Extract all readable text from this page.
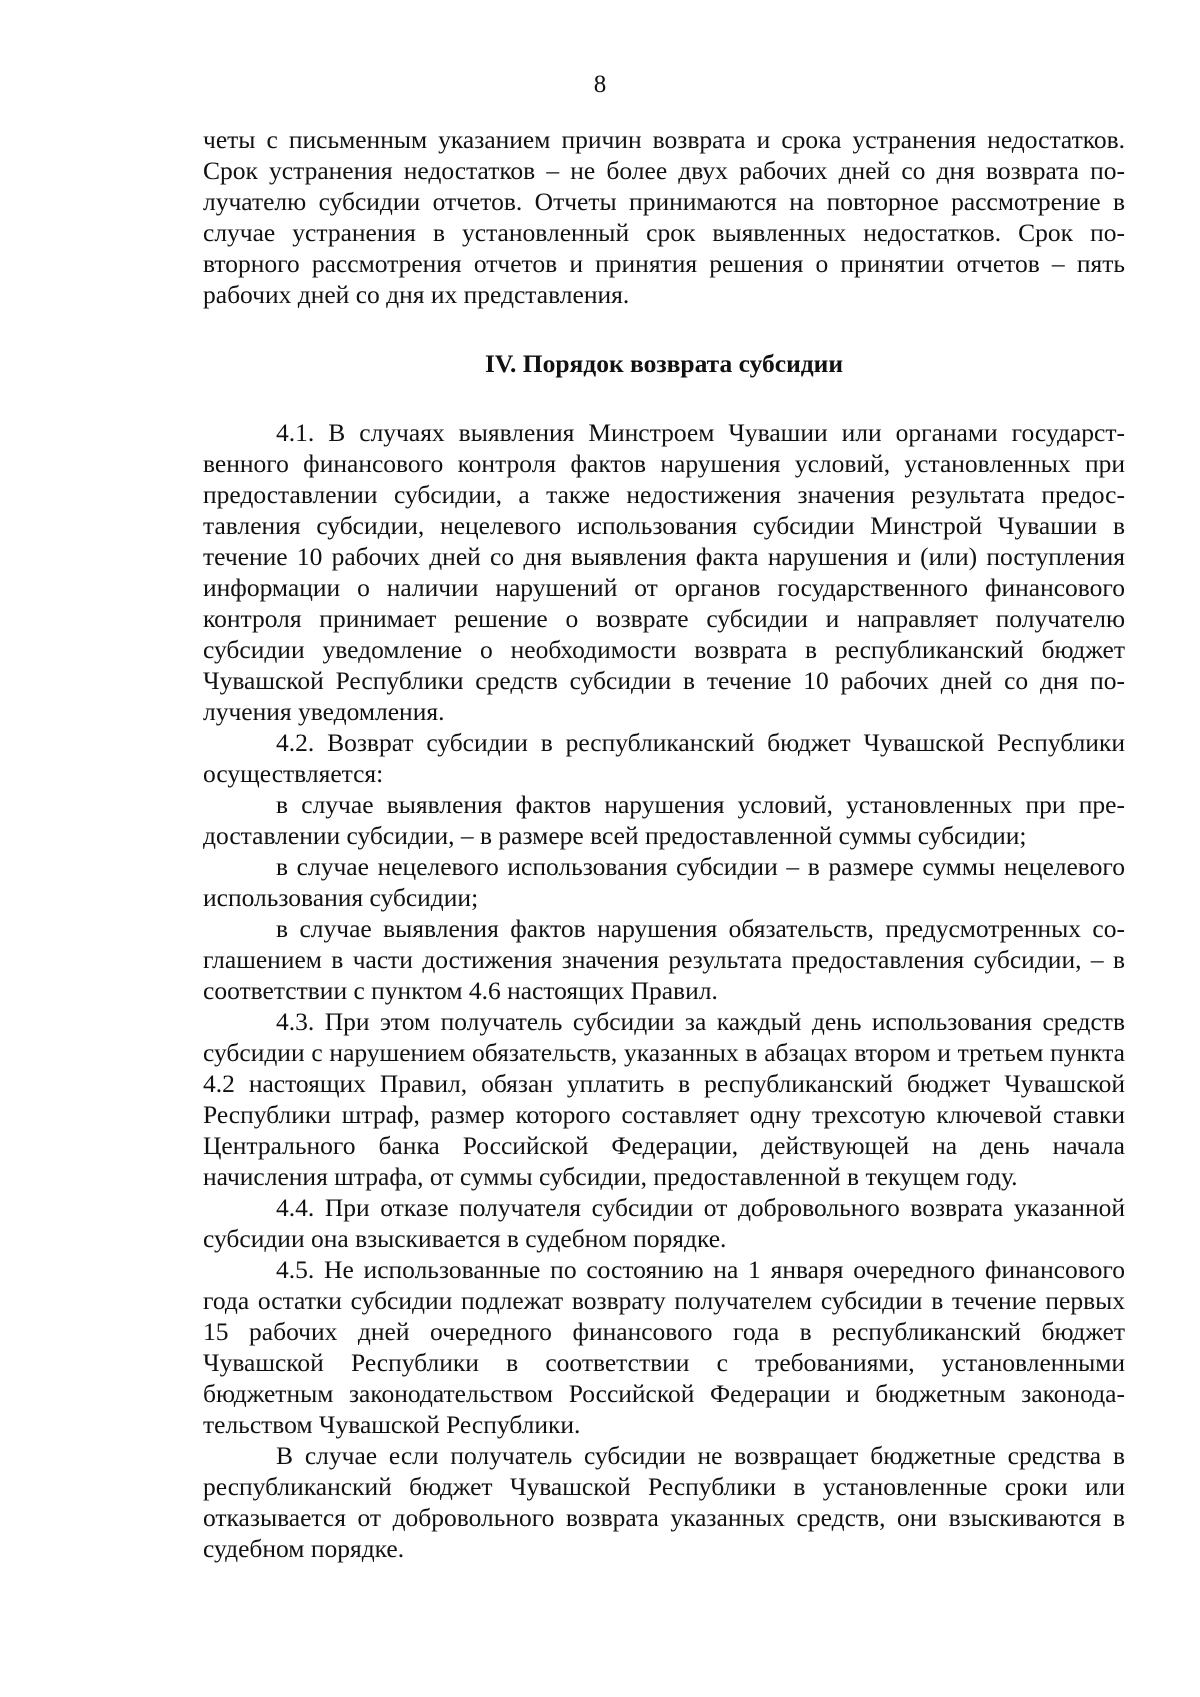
8

четы с письменным указанием причин возврата и срока устранения недостатков. Срок устранения недостатков – не более двух рабочих дней со дня возврата получателю субсидии отчетов. Отчеты принимаются на повторное рассмотрение в случае устранения в установленный срок выявленных недостатков. Срок повторного рассмотрения отчетов и принятия решения о принятии отчетов – пять рабочих дней со дня их представления.

IV. Порядок возврата субсидии

4.1. В случаях выявления Минстроем Чувашии или органами государственного финансового контроля фактов нарушения условий, установленных при предоставлении субсидии, а также недостижения значения результата предоставления субсидии, нецелевого использования субсидии Минстрой Чувашии в течение 10 рабочих дней со дня выявления факта нарушения и (или) поступления информации о наличии нарушений от органов государственного финансового контроля принимает решение о возврате субсидии и направляет получателю субсидии уведомление о необходимости возврата в республиканский бюджет Чувашской Республики средств субсидии в течение 10 рабочих дней со дня получения уведомления.

4.2. Возврат субсидии в республиканский бюджет Чувашской Республики осуществляется:

в случае выявления фактов нарушения условий, установленных при предоставлении субсидии, – в размере всей предоставленной суммы субсидии;

в случае нецелевого использования субсидии – в размере суммы нецелевого использования субсидии;

в случае выявления фактов нарушения обязательств, предусмотренных соглашением в части достижения значения результата предоставления субсидии, – в соответствии с пунктом 4.6 настоящих Правил.

4.3. При этом получатель субсидии за каждый день использования средств субсидии с нарушением обязательств, указанных в абзацах втором и третьем пункта 4.2 настоящих Правил, обязан уплатить в республиканский бюджет Чувашской Республики штраф, размер которого составляет одну трехсотую ключевой ставки Центрального банка Российской Федерации, действующей на день начала начисления штрафа, от суммы субсидии, предоставленной в текущем году.

4.4. При отказе получателя субсидии от добровольного возврата указанной субсидии она взыскивается в судебном порядке.

4.5. Не использованные по состоянию на 1 января очередного финансового года остатки субсидии подлежат возврату получателем субсидии в течение первых 15 рабочих дней очередного финансового года в республиканский бюджет Чувашской Республики в соответствии с требованиями, установленными бюджетным законодательством Российской Федерации и бюджетным законодательством Чувашской Республики.

В случае если получатель субсидии не возвращает бюджетные средства в республиканский бюджет Чувашской Республики в установленные сроки или отказывается от добровольного возврата указанных средств, они взыскиваются в судебном порядке.
